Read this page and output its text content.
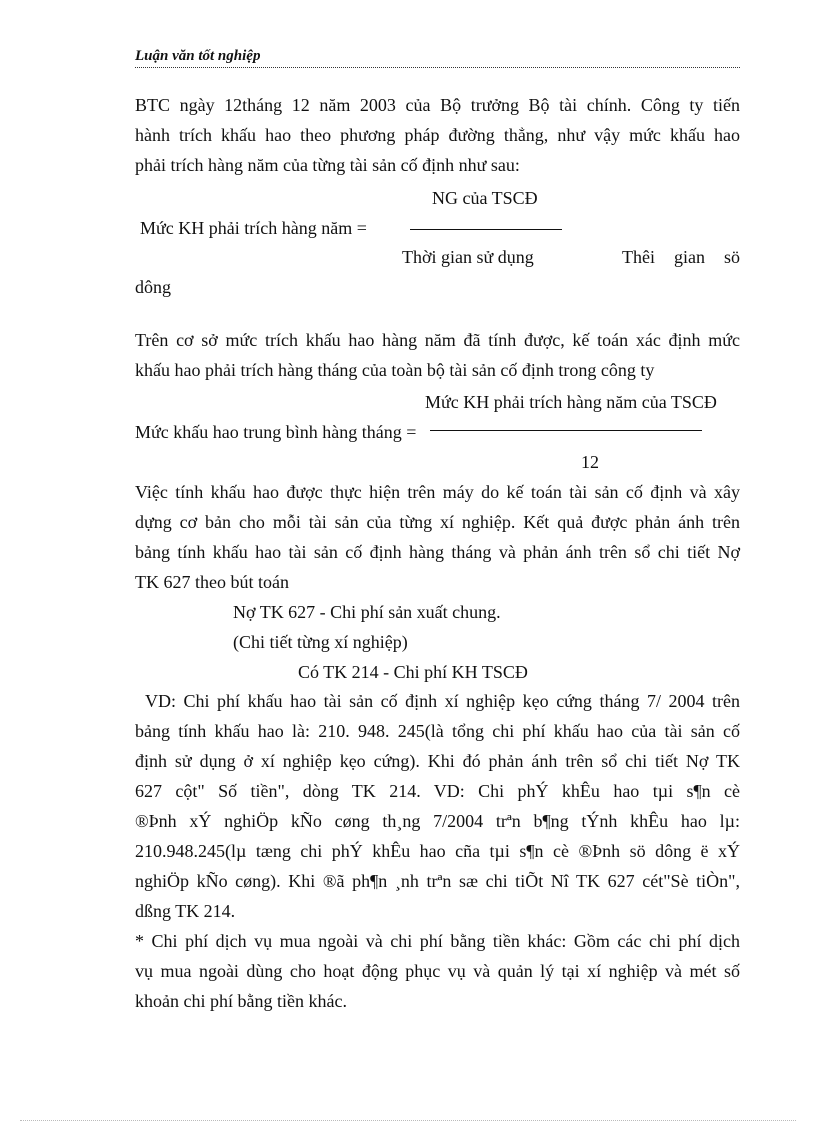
Luận văn tốt nghiệp
BTC ngày 12tháng 12 năm 2003 của Bộ trưởng Bộ tài chính. Công ty tiến
hành trích khấu hao theo phương pháp đường thẳng, như vậy mức khấu hao
phải trích hàng năm của từng tài sản cố định như sau:
NG của TSCĐ
Mức KH phải trích hàng năm =
Thời gian sử dụng	Thêi gian sö
dông
Trên cơ sở mức trích khấu hao hàng năm đã tính được, kế toán xác định mức
khấu hao phải trích hàng tháng của toàn bộ tài sản cố định trong công ty
Mức KH phải trích hàng năm của TSCĐ
Mức khấu hao trung bình hàng tháng =
12
Việc tính khấu hao được thực hiện trên máy do kế toán tài sản cố định và xây
dựng cơ bản cho mỗi tài sản của từng xí nghiệp. Kết quả được phản ánh trên
bảng tính khấu hao tài sản cố định hàng tháng và phản ánh trên sổ chi tiết Nợ
TK 627 theo bút toán
Nợ TK 627 - Chi phí sản xuất chung.
(Chi tiết từng xí nghiệp)
Có TK 214 - Chi phí KH TSCĐ
VD: Chi phí khấu hao tài sản cố định xí nghiệp kẹo cứng tháng 7/ 2004 trên
bảng tính khấu hao là: 210. 948. 245(là tổng chi phí khấu hao của tài sản cố
định sử dụng ở xí nghiệp kẹo cứng). Khi đó phản ánh trên sổ chi tiết Nợ TK
627 cột" Số tiền", dòng TK 214. VD: Chi phÝ khÊu hao tµi s¶n cè
®Þnh xÝ nghiÖp kÑo cøng th¸ng 7/2004 trªn b¶ng tÝnh khÊu hao lµ:
210.948.245(lµ tæng chi phÝ khÊu hao cña tµi s¶n cè ®Þnh sö dông ë xÝ
nghiÖp kÑo cøng). Khi ®ã ph¶n ¸nh trªn sæ chi tiÕt Nî TK 627 cét"Sè tiÒn",
dßng TK 214.
* Chi phí dịch vụ mua ngoài và chi phí bằng tiền khác: Gồm các chi phí dịch
vụ mua ngoài dùng cho hoạt động phục vụ và quản lý tại xí nghiệp và mét số
khoản chi phí bằng tiền khác.
